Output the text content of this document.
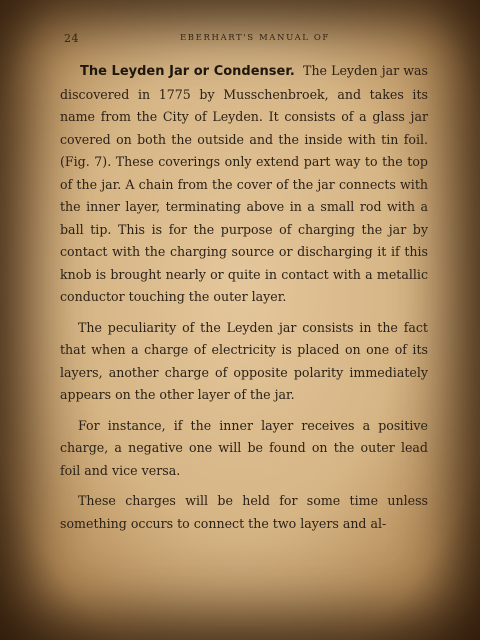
24	EBERHART'S MANUAL OF

The Leyden Jar or Condenser. The Leyden jar was discovered in 1775 by Musschenbroek, and takes its name from the City of Leyden. It consists of a glass jar covered on both the outside and the inside with tin foil. (Fig. 7). These coverings only extend part way to the top of the jar. A chain from the cover of the jar connects with the inner layer, terminating above in a small rod with a ball tip. This is for the purpose of charging the jar by contact with the charging source or discharging it if this knob is brought nearly or quite in contact with a metallic conductor touching the outer layer.

The peculiarity of the Leyden jar consists in the fact that when a charge of electricity is placed on one of its layers, another charge of opposite polarity immediately appears on the other layer of the jar.

For instance, if the inner layer receives a positive charge, a negative one will be found on the outer lead foil and vice versa.

These charges will be held for some time unless something occurs to connect the two layers and al-
